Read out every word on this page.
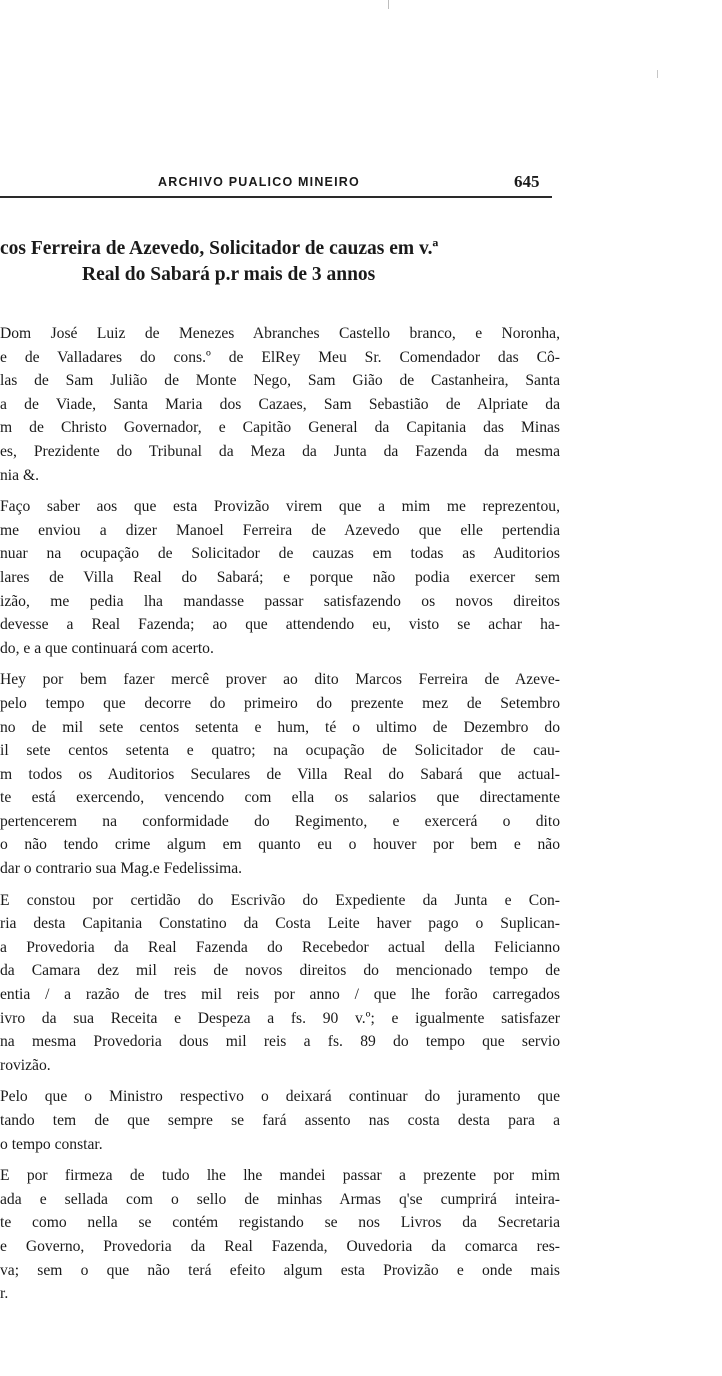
ARCHIVO PUALICO MINEIRO	645
cos Ferreira de Azevedo, Solicitador de cauzas em v.ª
Real do Sabará p.r mais de 3 annos
Dom José Luiz de Menezes Abranches Castello branco, e Noronha,
e de Valladares do cons.º de ElRey Meu Sr. Comendador das Cô-
las de Sam Julião de Monte Nego, Sam Gião de Castanheira, Santa
a de Viade, Santa Maria dos Cazaes, Sam Sebastião de Alpriate da
m de Christo Governador, e Capitão General da Capitania das Minas
es, Prezidente do Tribunal da Meza da Junta da Fazenda da mesma
nia &.
Faço saber aos que esta Provizão virem que a mim me reprezentou,
me enviou a dizer Manoel Ferreira de Azevedo que elle pertendia
nuar na ocupação de Solicitador de cauzas em todas as Auditorios
lares de Villa Real do Sabará; e porque não podia exercer sem
izão, me pedia lha mandasse passar satisfazendo os novos direitos
devesse a Real Fazenda; ao que attendendo eu, visto se achar ha-
do, e a que continuará com acerto.
Hey por bem fazer mercê prover ao dito Marcos Ferreira de Azeve-
pelo tempo que decorre do primeiro do prezente mez de Setembro
no de mil sete centos setenta e hum, té o ultimo de Dezembro do
il sete centos setenta e quatro; na ocupação de Solicitador de cau-
m todos os Auditorios Seculares de Villa Real do Sabará que actual-
te está exercendo, vencendo com ella os salarios que directamente
pertencerem na conformidade do Regimento, e exercerá o dito
o não tendo crime algum em quanto eu o houver por bem e não
dar o contrario sua Mag.e Fedelissima.
E constou por certidão do Escrivão do Expediente da Junta e Con-
ria desta Capitania Constatino da Costa Leite haver pago o Suplican-
a Provedoria da Real Fazenda do Recebedor actual della Felicianno
da Camara dez mil reis de novos direitos do mencionado tempo de
entia / a razão de tres mil reis por anno / que lhe forão carregados
ivro da sua Receita e Despeza a fs. 90 v.º; e igualmente satisfazer
na mesma Provedoria dous mil reis a fs. 89 do tempo que servio
rovizão.
Pelo que o Ministro respectivo o deixará continuar do juramento que
tando tem de que sempre se fará assento nas costa desta para a
o tempo constar.
E por firmeza de tudo lhe lhe mandei passar a prezente por mim
ada e sellada com o sello de minhas Armas q'se cumprirá inteira-
te como nella se contém registando se nos Livros da Secretaria
e Governo, Provedoria da Real Fazenda, Ouvedoria da comarca res-
va; sem o que não terá efeito algum esta Provizão e onde mais
r.
